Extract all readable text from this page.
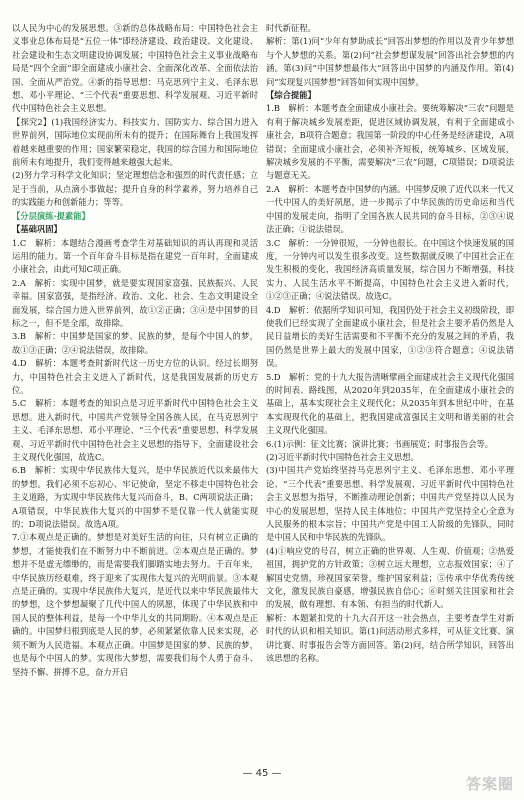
以人民为中心的发展思想。③新的总体战略布局：中国特色社会主义事业总体布局是“五位一体”即经济建设、政治建设、文化建设、社会建设和生态文明建设协调发展；中国特色社会主义事业战略布局是“四个全面”即全面建成小康社会、全面深化改革、全面依法治国、全面从严治党。④新的指导思想：马克思列宁主义、毛泽东思想、邓小平理论、“三个代表”重要思想、科学发展观、习近平新时代中国特色社会主义思想。

【探究2】(1)我国经济实力、科技实力、国防实力、综合国力进入世界前列，国际地位实现前所未有的提升；在国际舞台上我国发挥着越来越重要的作用；国家繁荣稳定，我国的综合国力和国际地位前所未有地提升，我们变得越来越强大起来。

(2)努力学习科学文化知识；坚定理想信念和强烈的时代责任感；立足于当前，从点滴小事做起；提升自身的科学素养，努力培养自己的实践能力和创新能力；等等。

【分层演练·提素能】

【基础巩固】

1.C　解析：本题结合漫画考查学生对基础知识的再认再现和灵活运用的能力。第一个百年奋斗目标是指在建党一百年时，全面建成小康社会，由此可知C项正确。

2.A　解析：实现中国梦，就是要实现国家富强、民族振兴、人民幸福。国家富强，是指经济、政治、文化、社会、生态文明建设全面发展，综合国力进入世界前列，故①②正确；③④是中国梦的目标之一，但不是全部，故排除。

3.B　解析：中国梦是国家的梦、民族的梦，是每个中国人的梦，故①③正确；②④说法错误，故排除。

4.D　解析：本题考查时新时代这一历史方位的认识。经过长期努力，中国特色社会主义进入了新时代，这是我国发展新的历史方位。

5.C　解析：本题考查的知识点是习近平新时代中国特色社会主义思想。进入新时代，中国共产党领导全国各族人民，在马克思列宁主义、毛泽东思想、邓小平理论、“三个代表”重要思想、科学发展观、习近平新时代中国特色社会主义思想的指导下，全面建设社会主义现代化强国，故选C。

6.B　解析：实现中华民族伟大复兴，是中华民族近代以来最伟大的梦想。我们必须不忘初心、牢记使命，坚定不移走中国特色社会主义道路，为实现中华民族伟大复兴而奋斗，B、C两项说法正确；A项错误，中华民族伟大复兴的中国梦不是仅靠一代人就能实现的；D项说法错误。故选A项。

7.①本观点是正确的。梦想是对美好生活的向往，只有树立正确的梦想，才能使我们在不断努力中不断前进。②本观点是正确的。梦想并不是虚无缥缈的，而是需要我们脚踏实地去努力。千百年来，中华民族历经艰难，终于迎来了实现伟大复兴的光明前景。③本观点是正确的。实现中华民族伟大复兴，是近代以来中华民族最伟大的梦想，这个梦想凝聚了几代中国人的夙愿，体现了中华民族和中国人民的整体利益，是每一个中华儿女的共同期盼。④本观点是正确的。中国梦归根到底是人民的梦，必须紧紧依靠人民来实现，必须不断为人民造福。本观点正确。中国梦是国家的梦、民族的梦，也是每个中国人的梦。实现伟大梦想，需要我们每个人勇于奋斗、坚持不懈、拼搏不息，奋力开启

时代新征程。

解析：第(1)问“少年有梦助成长”回答出梦想的作用以及青少年梦想与个人梦想的关系。第(2)问“社会梦想谋发展”回答出社会梦想的内涵。第(3)问“中国梦想最伟大”回答出中国梦的内涵及作用。第(4)问“实现复兴国梦想”回答如何实现中国梦。

【综合提能】

1.B　解析：本题考查全面建成小康社会。要统筹解决“三农”问题是有利于解决城乡发展差距，促进区域协调发展，有利于全面建成小康社会，B项符合题意；我国第一阶段的中心任务是经济建设，A项错误；全面建成小康社会，必须补齐短板，统筹城乡、区域发展，解决城乡发展的不平衡，需要解决“三农”问题，C项错误；D项说法与题意无关。

2.A　解析：本题考查中国梦的内涵。中国梦反映了近代以来一代又一代中国人的美好夙愿，进一步揭示了中华民族的历史命运和当代中国的发展走向，指明了全国各族人民共同的奋斗目标，②③④说法正确；①说法错误。

3.C　解析：一分钟很短，一分钟也很长。在中国这个快速发展的国度，一分钟内可以发生很多改变。这些数据就反映了中国社会正在发生积极的变化，我国经济高质量发展，综合国力不断增强，科技实力、人民生活水平不断提高，中国特色社会主义进入新时代，①②③正确；④说法错误。故选C。

4.D　解析：依据所学知识可知，我国仍处于社会主义初级阶段，即使我们已经实现了全面建成小康社会，但是社会主要矛盾仍然是人民日益增长的美好生活需要和不平衡不充分的发展之间的矛盾，我国仍然是世界上最大的发展中国家，①②③符合题意；④说法错误。

5.D　解析：党的十九大报告清晰擘画全面建成社会主义现代化强国的时间表、路线图，从2020年到2035年，在全面建成小康社会的基础上，基本实现社会主义现代化；从2035年到本世纪中叶，在基本实现现代化的基础上，把我国建成富强民主文明和谐美丽的社会主义现代化强国。

6.(1)示例：征文比赛；演讲比赛；书画展览；时事报告会等。

(2)习近平新时代中国特色社会主义思想。

(3)中国共产党始终坚持马克思列宁主义、毛泽东思想、邓小平理论、“三个代表”重要思想、科学发展观、习近平新时代中国特色社会主义思想为指导，不断推动理论创新；中国共产党坚持以人民为中心的发展思想，坚持人民主体地位；中国共产党坚持全心全意为人民服务的根本宗旨；中国共产党是中国工人阶级的先锋队，同时是中国人民和中华民族的先锋队。

(4)①响应党的号召，树立正确的世界观、人生观、价值观；②热爱祖国，拥护党的方针政策；③树立远大理想，立志报效国家；④了解国史党情，珍视国家荣誉，维护国家利益；⑤传承中华优秀传统文化，激发民族自豪感，增强民族自信心；⑥时刻关注国家和社会的发展，做有理想、有本领、有担当的时代新人。

解析：本题紧扣党的十九大召开这一社会热点，主要考查学生对新时代的认识和相关知识。第(1)问活动形式多样，可从征文比赛、演讲比赛、时事报告会等方面回答。第(2)问，结合所学知识，回答出该思想的名称。

— 45 —
答案圈
